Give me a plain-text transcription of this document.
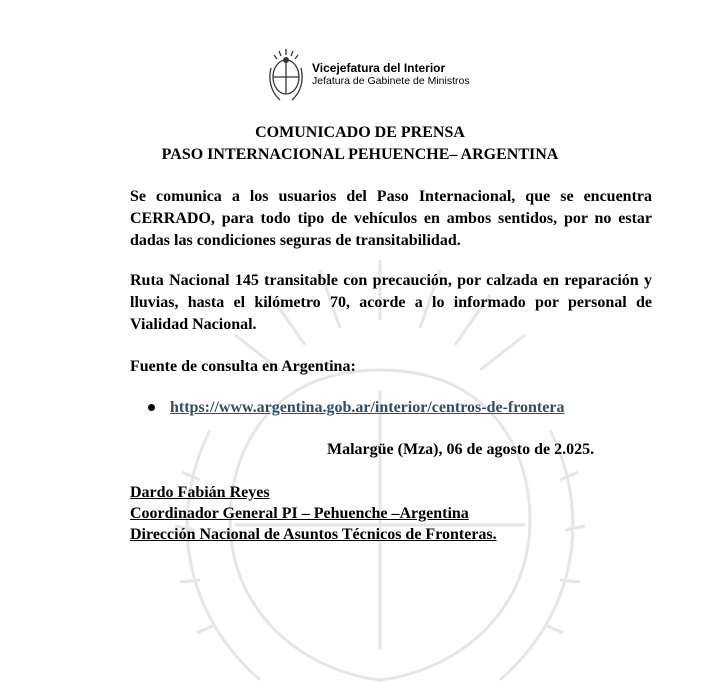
Vicejefatura del Interior
Jefatura de Gabinete de Ministros
COMUNICADO DE PRENSA
PASO INTERNACIONAL PEHUENCHE– ARGENTINA

Se comunica a los usuarios del Paso Internacional, que se encuentra CERRADO, para todo tipo de vehículos en ambos sentidos, por no estar dadas las condiciones seguras de transitabilidad.

Ruta Nacional 145 transitable con precaución, por calzada en reparación y lluvias, hasta el kilómetro 70, acorde a lo informado por personal de Vialidad Nacional.

Fuente de consulta en Argentina:

https://www.argentina.gob.ar/interior/centros-de-frontera
Malargüe (Mza), 06 de agosto de 2.025.
Dardo Fabián Reyes
Coordinador General PI – Pehuenche –Argentina
Dirección Nacional de Asuntos Técnicos de Fronteras.
